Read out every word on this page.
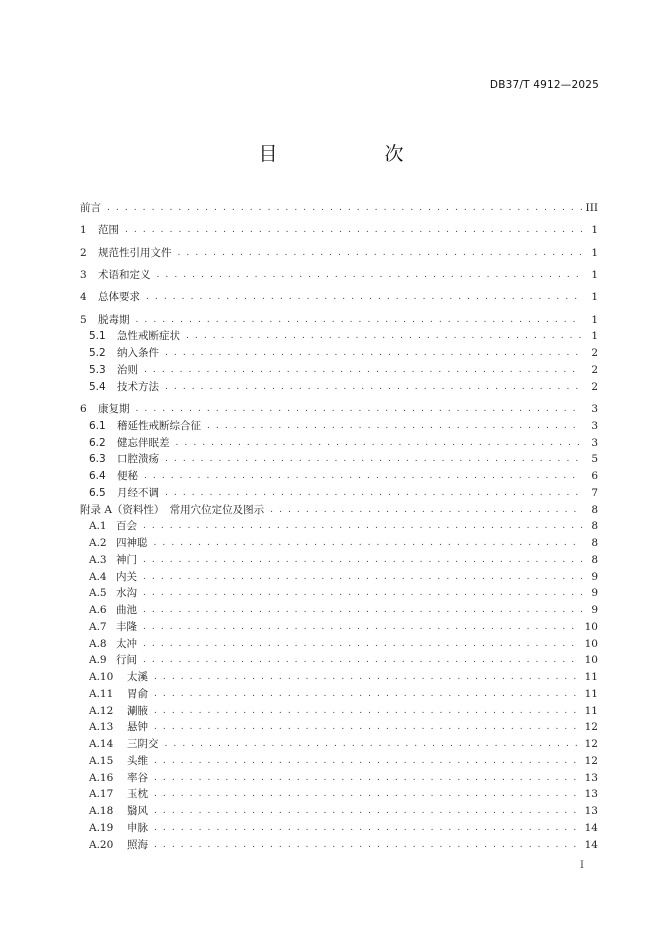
DB37/T 4912—2025
目　次
前言 . . .	III
1	范围 . . .	1
2	规范性引用文件 . . .	1
3	术语和定义 . . .	1
4	总体要求 . . .	1
5	脱毒期 . . .	1
5.1	急性戒断症状 . . .	1
5.2	纳入条件 . . .	2
5.3	治则 . . .	2
5.4	技术方法 . . .	2
6	康复期 . . .	3
6.1	稽延性戒断综合征 . . .	3
6.2	健忘伴眠差 . . .	3
6.3	口腔溃疡 . . .	5
6.4	便秘 . . .	6
6.5	月经不调 . . .	7
附录 A（资料性）　常用穴位定位及图示 . . .	8
A.1 百会 . . .	8
A.2 四神聪 . . .	8
A.3 神门 . . .	8
A.4 内关 . . .	9
A.5 水沟 . . .	9
A.6 曲池 . . .	9
A.7 丰隆 . . .	10
A.8 太冲 . . .	10
A.9 行间 . . .	10
A.10	太溪 . . .	11
A.11	胃俞 . . .	11
A.12	涮腋 . . .	11
A.13	悬钟 . . .	12
A.14	三阴交 . . .	12
A.15	头维 . . .	12
A.16	率谷 . . .	13
A.17	玉枕 . . .	13
A.18	翳风 . . .	13
A.19	申脉 . . .	14
A.20	照海 . . .	14
I
